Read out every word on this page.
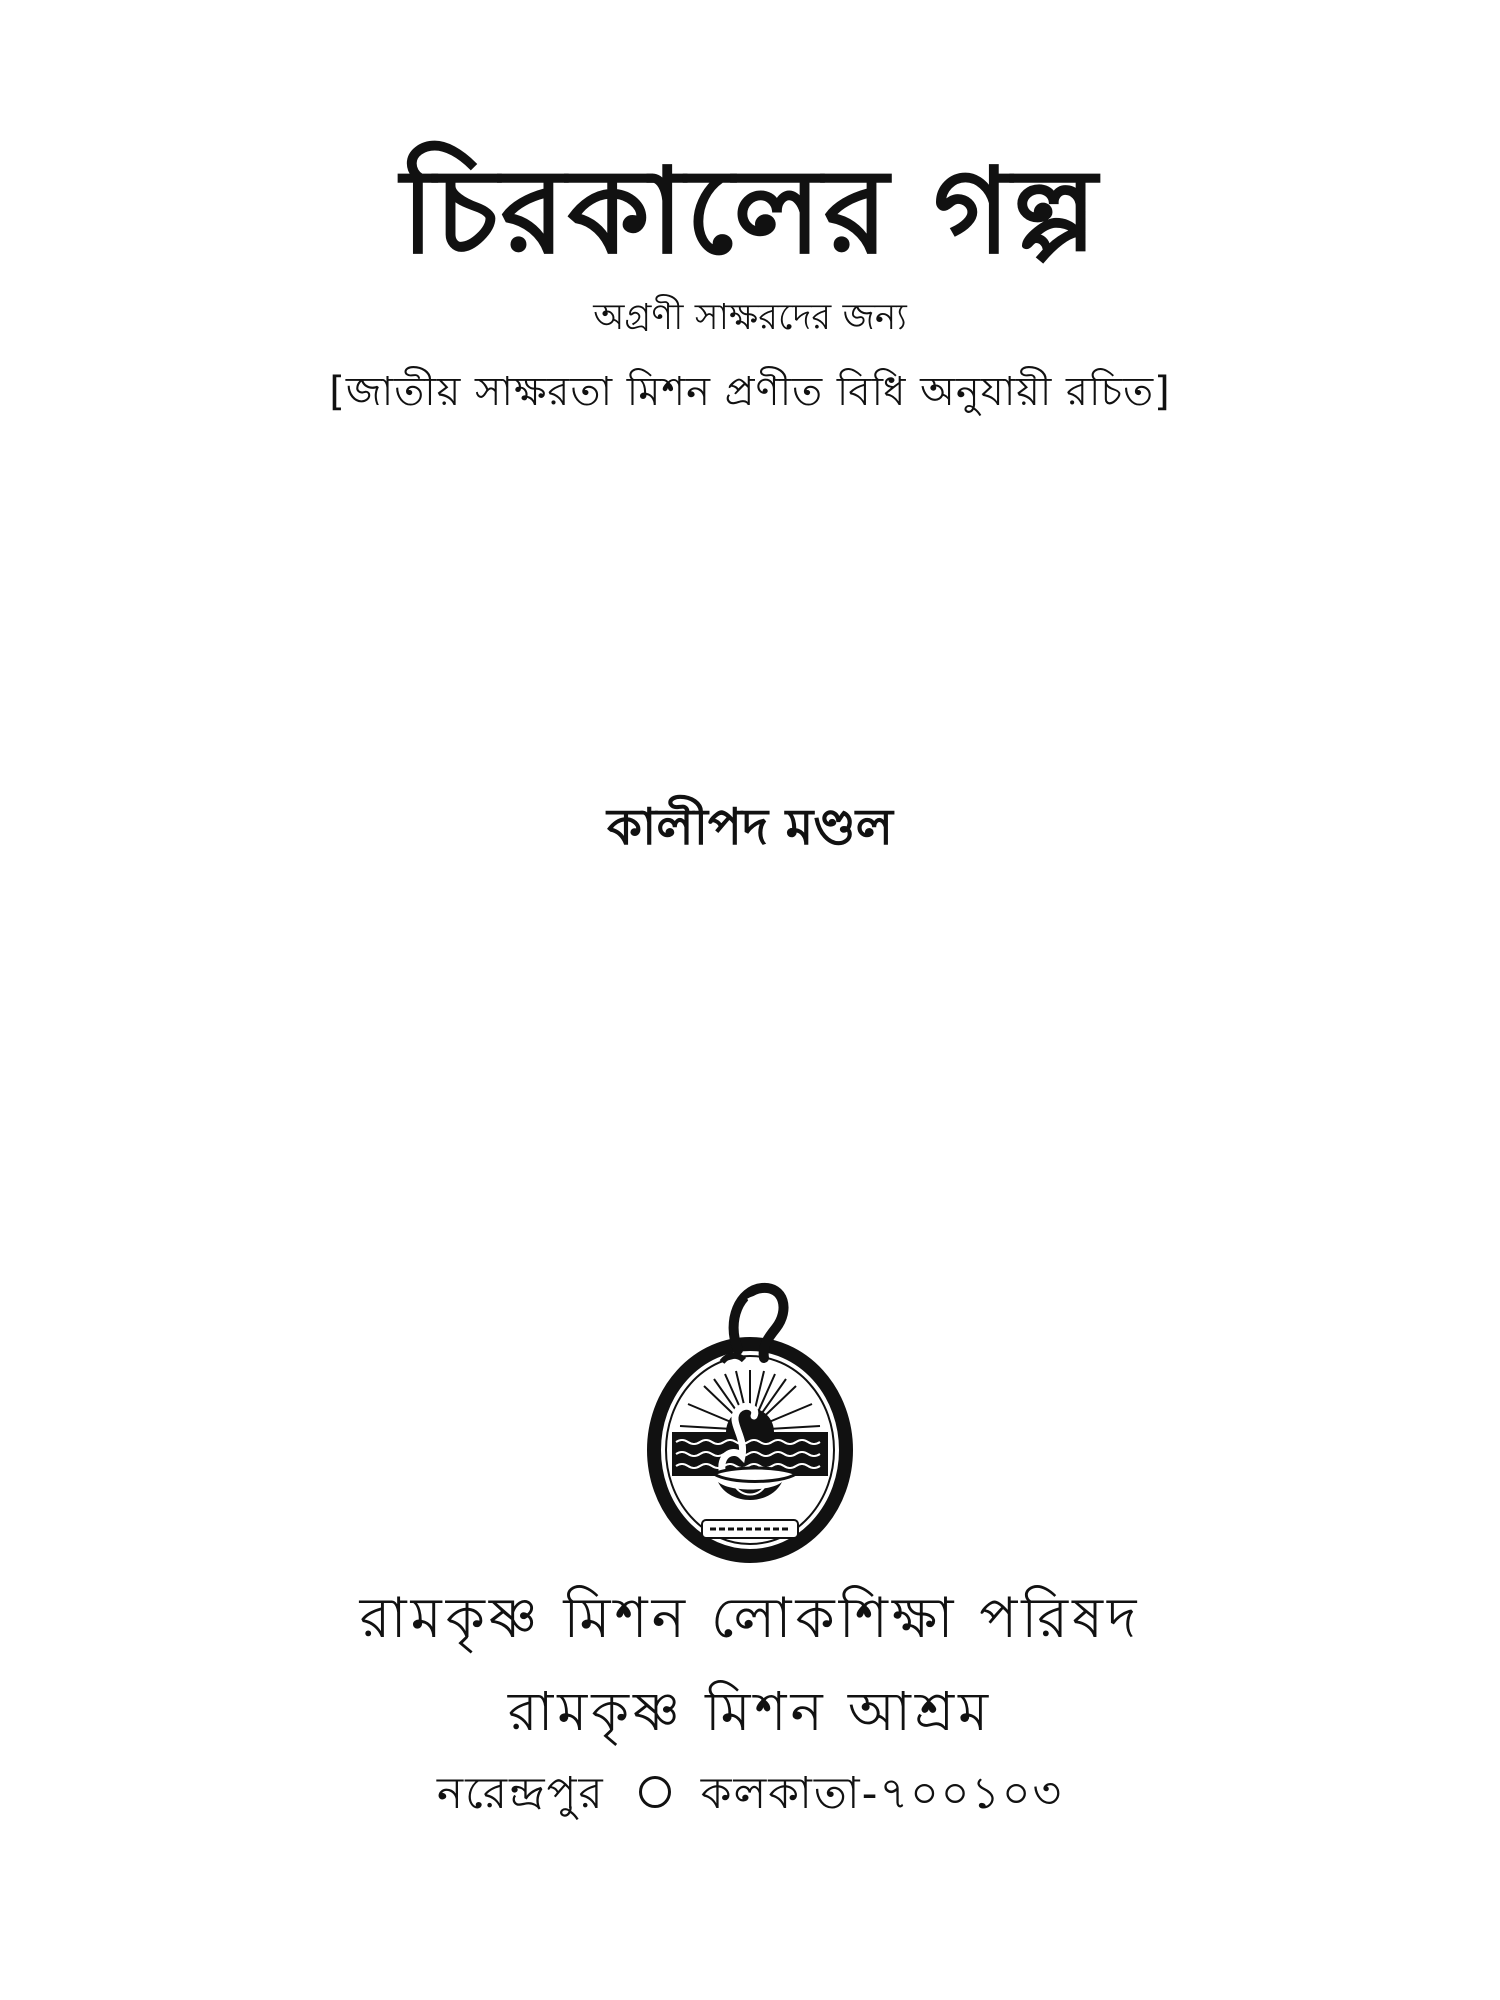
চিরকালের গল্প
অগ্রণী সাক্ষরদের জন্য
[জাতীয় সাক্ষরতা মিশন প্রণীত বিধি অনুযায়ী রচিত]
কালীপদ মণ্ডল
রামকৃষ্ণ মিশন লোকশিক্ষা পরিষদ
রামকৃষ্ণ মিশন আশ্রম
নরেন্দ্রপুর কলকাতা-৭০০১০৩
